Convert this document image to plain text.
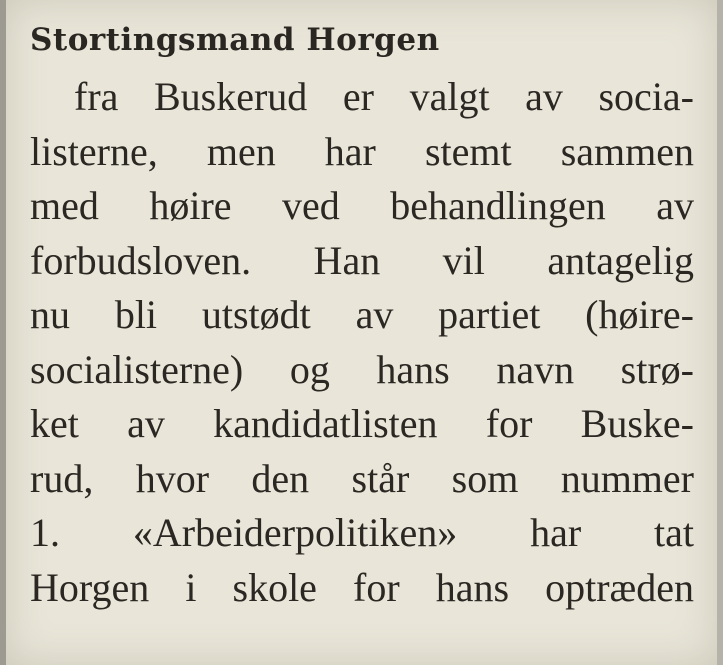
Stortingsmand Horgen
fra Buskerud er valgt av socia-
listerne, men har stemt sammen
med høire ved behandlingen av
forbudsloven. Han vil antagelig
nu bli utstødt av partiet (høire-
socialisterne) og hans navn strø-
ket av kandidatlisten for Buske-
rud, hvor den står som nummer
1. «Arbeiderpolitiken» har tat
Horgen i skole for hans optræden
